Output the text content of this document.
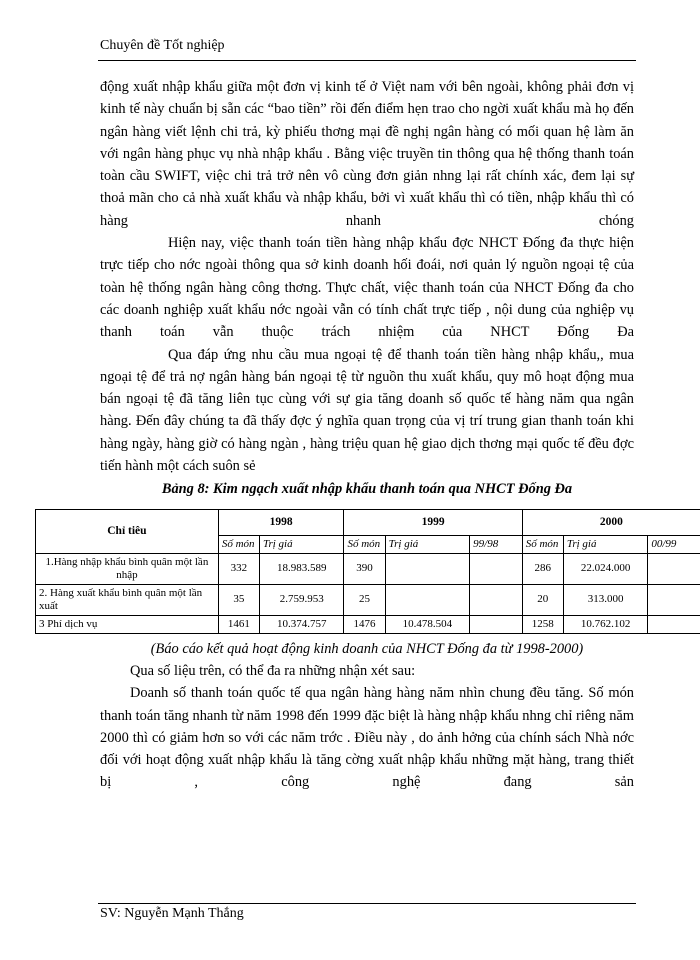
Chuyên đề Tốt nghiệp

động xuất nhập khẩu giữa một đơn vị kinh tế ở Việt nam với bên ngoài, không phải đơn vị kinh tế này chuẩn bị sẵn các “bao tiền” rồi đến điểm hẹn trao cho ngời xuất khẩu mà họ đến ngân hàng viết lệnh chi trả, kỳ phiếu thơng mại đề nghị ngân hàng có mối quan hệ làm ăn với ngân hàng phục vụ nhà nhập khẩu . Bằng việc truyền tin thông qua hệ thống thanh toán toàn cầu SWIFT, việc chi trả trở nên vô cùng đơn giản nhng lại rất chính xác, đem lại sự thoả mãn cho cả nhà xuất khẩu và nhập khẩu, bởi vì xuất khẩu thì có tiền, nhập khẩu thì có hàng nhanh chóng

Hiện nay, việc thanh toán tiền hàng nhập khẩu đợc NHCT Đống đa thực hiện trực tiếp cho nớc ngoài thông qua sở kinh doanh hối đoái, nơi quản lý nguồn ngoại tệ của toàn hệ thống ngân hàng công thơng. Thực chất, việc thanh toán của NHCT Đống đa cho các doanh nghiệp xuất khẩu nớc ngoài vẫn có tính chất trực tiếp , nội dung của nghiệp vụ thanh toán vẫn thuộc trách nhiệm của NHCT Đống Đa

Qua đáp ứng nhu cầu mua ngoại tệ để thanh toán tiền hàng nhập khẩu,, mua ngoại tệ để trả nợ ngân hàng bán ngoại tệ từ nguồn thu xuất khẩu, quy mô hoạt động mua bán ngoại tệ đã tăng liên tục cùng với sự gia tăng doanh số quốc tế hàng năm qua ngân hàng. Đến đây chúng ta đã thấy đợc ý nghĩa quan trọng của vị trí trung gian thanh toán khi hàng ngày, hàng giờ có hàng ngàn , hàng triệu quan hệ giao dịch thơng mại quốc tế đều đợc tiến hành một cách suôn sẻ

Bảng 8: Kim ngạch xuất nhập khẩu thanh toán qua NHCT Đống Đa

Chỉ tiêu	1998		1999			2000		
	Số món	Trị giá	Số món	Trị giá	99/98	Số món	Trị giá	00/99
1.Hàng nhập khẩu bình quân một lần nhập	332	18.983.589	390			286	22.024.000	
2. Hàng xuất khẩu bình quân một lần xuất	35	2.759.953	25			20	313.000	
3 Phí dịch vụ	1461	10.374.757	1476	10.478.504		1258	10.762.102	

(Báo cáo kết quả hoạt động kinh doanh của NHCT Đống đa từ 1998-2000)

Qua số liệu trên, có thể đa ra những nhận xét sau:

Doanh số thanh toán quốc tế qua ngân hàng hàng năm nhìn chung đều tăng. Số món thanh toán tăng nhanh từ năm 1998 đến 1999 đặc biệt là hàng nhập khẩu nhng chỉ riêng năm 2000 thì có giảm hơn so với các năm trớc . Điều này , do ảnh hởng của chính sách Nhà nớc đối với hoạt động xuất nhập khẩu là tăng cờng xuất nhập khẩu những mặt hàng, trang thiết bị , công nghệ đang sản

SV: Nguyễn Mạnh Thắng
